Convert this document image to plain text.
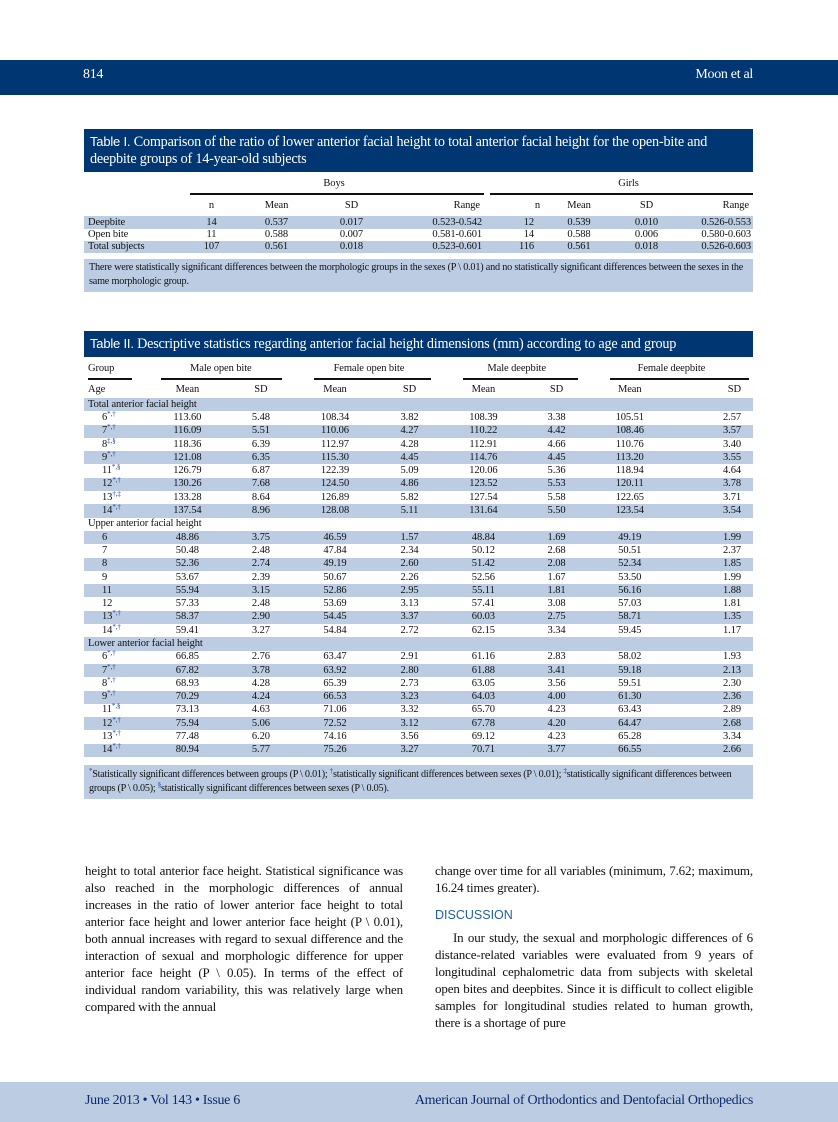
814	Moon et al
Table I. Comparison of the ratio of lower anterior facial height to total anterior facial height for the open-bite and deepbite groups of 14-year-old subjects
	Boys				Girls			
	n	Mean	SD	Range	n	Mean	SD	Range
Deepbite	14	0.537	0.017	0.523-0.542	12	0.539	0.010	0.526-0.553
Open bite	11	0.588	0.007	0.581-0.601	14	0.588	0.006	0.580-0.603
Total subjects	107	0.561	0.018	0.523-0.601	116	0.561	0.018	0.526-0.603
There were statistically significant differences between the morphologic groups in the sexes (P \ 0.01) and no statistically significant differences between the sexes in the same morphologic group.
Table II. Descriptive statistics regarding anterior facial height dimensions (mm) according to age and group
Group	Male open bite		Female open bite		Male deepbite		Female deepbite	

Age	Mean	SD	Mean	SD	Mean	SD	Mean	SD
Total anterior facial height								
6*,†	113.60	5.48	108.34	3.82	108.39	3.38	105.51	2.57
7*,†	116.09	5.51	110.06	4.27	110.22	4.42	108.46	3.57
8‡,§	118.36	6.39	112.97	4.28	112.91	4.66	110.76	3.40
9*,†	121.08	6.35	115.30	4.45	114.76	4.45	113.20	3.55
11*,§	126.79	6.87	122.39	5.09	120.06	5.36	118.94	4.64
12*,†	130.26	7.68	124.50	4.86	123.52	5.53	120.11	3.78
13†,‡	133.28	8.64	126.89	5.82	127.54	5.58	122.65	3.71
14*,†	137.54	8.96	128.08	5.11	131.64	5.50	123.54	3.54
Upper anterior facial height								
6	48.86	3.75	46.59	1.57	48.84	1.69	49.19	1.99
7	50.48	2.48	47.84	2.34	50.12	2.68	50.51	2.37
8	52.36	2.74	49.19	2.60	51.42	2.08	52.34	1.85
9	53.67	2.39	50.67	2.26	52.56	1.67	53.50	1.99
11	55.94	3.15	52.86	2.95	55.11	1.81	56.16	1.88
12	57.33	2.48	53.69	3.13	57.41	3.08	57.03	1.81
13*,†	58.37	2.90	54.45	3.37	60.03	2.75	58.71	1.35
14*,†	59.41	3.27	54.84	2.72	62.15	3.34	59.45	1.17
Lower anterior facial height								
6*,†	66.85	2.76	63.47	2.91	61.16	2.83	58.02	1.93
7*,†	67.82	3.78	63.92	2.80	61.88	3.41	59.18	2.13
8*,†	68.93	4.28	65.39	2.73	63.05	3.56	59.51	2.30
9*,†	70.29	4.24	66.53	3.23	64.03	4.00	61.30	2.36
11*,§	73.13	4.63	71.06	3.32	65.70	4.23	63.43	2.89
12*,†	75.94	5.06	72.52	3.12	67.78	4.20	64.47	2.68
13*,†	77.48	6.20	74.16	3.56	69.12	4.23	65.28	3.34
14*,†	80.94	5.77	75.26	3.27	70.71	3.77	66.55	2.66
*Statistically significant differences between groups (P \ 0.01); †statistically significant differences between sexes (P \ 0.01); ‡statistically significant differences between groups (P \ 0.05); §statistically significant differences between sexes (P \ 0.05).

height to total anterior face height. Statistical significance was also reached in the morphologic differences of annual increases in the ratio of lower anterior face height to total anterior face height and lower anterior face height (P \ 0.01), both annual increases with regard to sexual difference and the interaction of sexual and morphologic difference for upper anterior face height (P \ 0.05). In terms of the effect of individual random variability, this was relatively large when compared with the annual

change over time for all variables (minimum, 7.62; maximum, 16.24 times greater).

DISCUSSION

In our study, the sexual and morphologic differences of 6 distance-related variables were evaluated from 9 years of longitudinal cephalometric data from subjects with skeletal open bites and deepbites. Since it is difficult to collect eligible samples for longitudinal studies related to human growth, there is a shortage of pure

June 2013 • Vol 143 • Issue 6	American Journal of Orthodontics and Dentofacial Orthopedics
